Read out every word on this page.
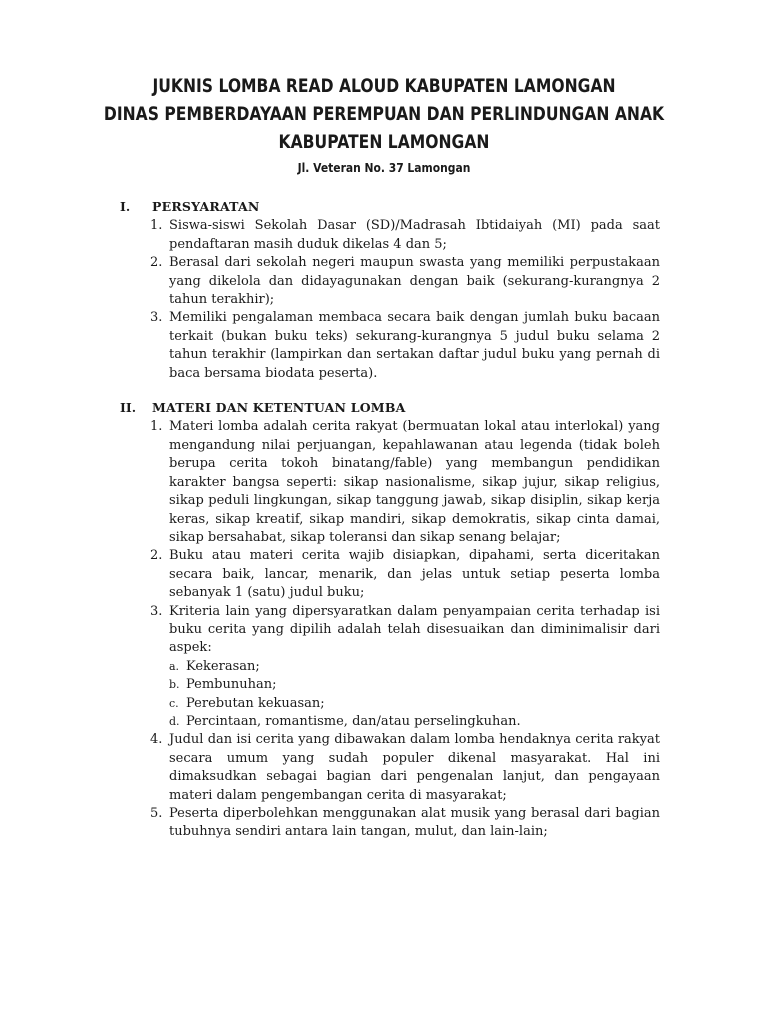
JUKNIS LOMBA READ ALOUD KABUPATEN LAMONGAN
DINAS PEMBERDAYAAN PEREMPUAN DAN PERLINDUNGAN ANAK
KABUPATEN LAMONGAN
Jl. Veteran No. 37 Lamongan
I.	PERSYARATAN
1. Siswa-siswi Sekolah Dasar (SD)/Madrasah Ibtidaiyah (MI) pada saat pendaftaran masih duduk dikelas 4 dan 5;
2. Berasal dari sekolah negeri maupun swasta yang memiliki perpustakaan yang dikelola dan didayagunakan dengan baik (sekurang-kurangnya 2 tahun terakhir);
3. Memiliki pengalaman membaca secara baik dengan jumlah buku bacaan terkait (bukan buku teks) sekurang-kurangnya 5 judul buku selama 2 tahun terakhir (lampirkan dan sertakan daftar judul buku yang pernah di baca bersama biodata peserta).
II.	MATERI DAN KETENTUAN LOMBA
1. Materi lomba adalah cerita rakyat (bermuatan lokal atau interlokal) yang mengandung nilai perjuangan, kepahlawanan atau legenda (tidak boleh berupa cerita tokoh binatang/fable) yang membangun pendidikan karakter bangsa seperti: sikap nasionalisme, sikap jujur, sikap religius, sikap peduli lingkungan, sikap tanggung jawab, sikap disiplin, sikap kerja keras, sikap kreatif, sikap mandiri, sikap demokratis, sikap cinta damai, sikap bersahabat, sikap toleransi dan sikap senang belajar;
2. Buku atau materi cerita wajib disiapkan, dipahami, serta diceritakan secara baik, lancar, menarik, dan jelas untuk setiap peserta lomba sebanyak 1 (satu) judul buku;
3. Kriteria lain yang dipersyaratkan dalam penyampaian cerita terhadap isi buku cerita yang dipilih adalah telah disesuaikan dan diminimalisir dari aspek:
a. Kekerasan;
b. Pembunuhan;
c. Perebutan kekuasan;
d. Percintaan, romantisme, dan/atau perselingkuhan.
4. Judul dan isi cerita yang dibawakan dalam lomba hendaknya cerita rakyat secara umum yang sudah populer dikenal masyarakat. Hal ini dimaksudkan sebagai bagian dari pengenalan lanjut, dan pengayaan materi dalam pengembangan cerita di masyarakat;
5. Peserta diperbolehkan menggunakan alat musik yang berasal dari bagian tubuhnya sendiri antara lain tangan, mulut, dan lain-lain;
